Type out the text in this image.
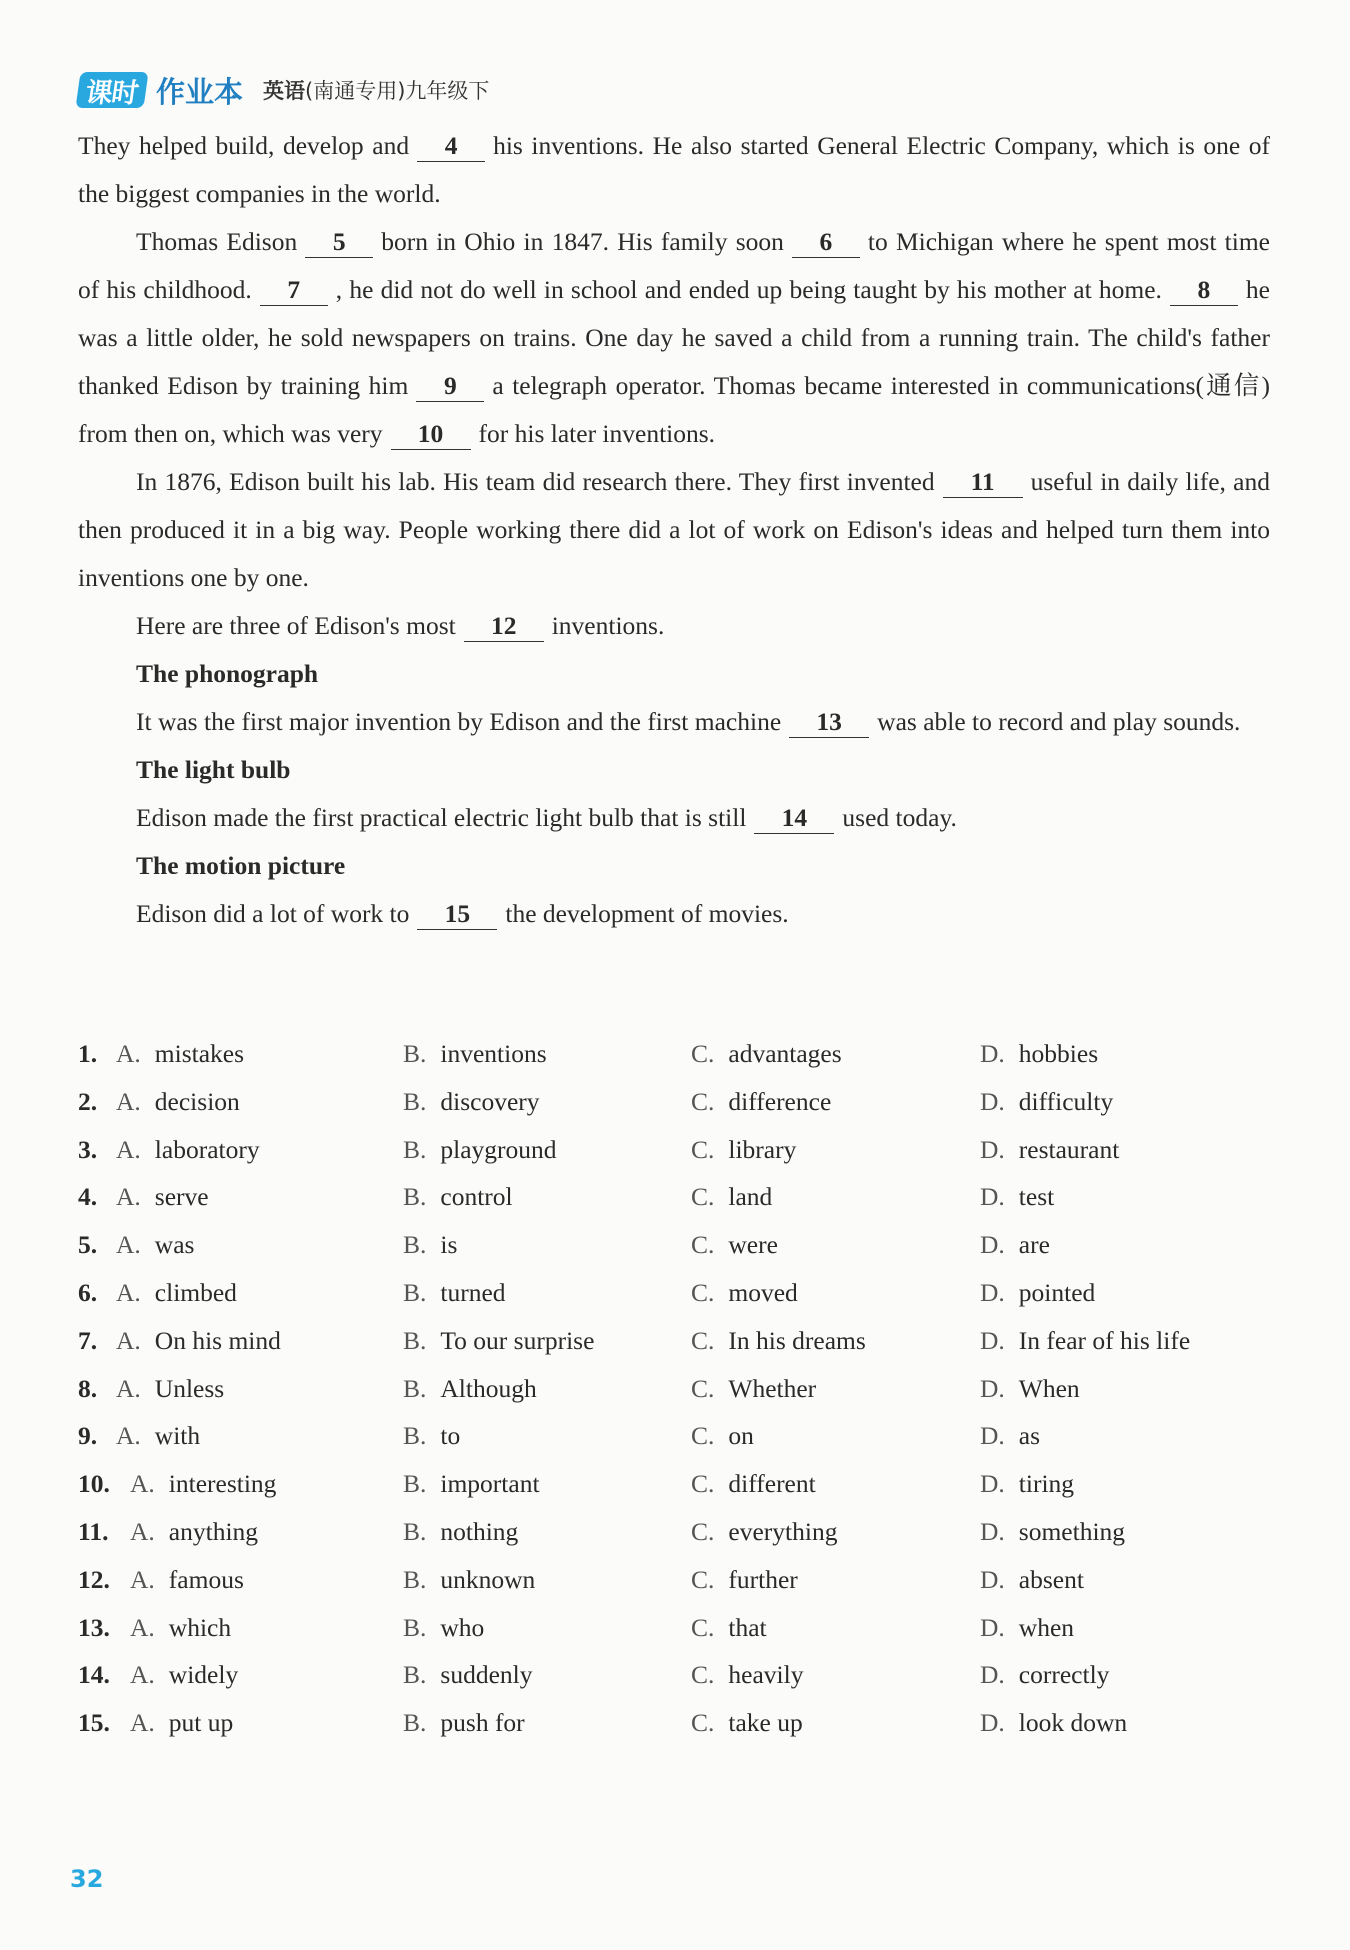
课时 作业本 英语(南通专用)九年级下

They helped build, develop and 4 his inventions. He also started General Electric Company, which is one of the biggest companies in the world.

Thomas Edison 5 born in Ohio in 1847. His family soon 6 to Michigan where he spent most time of his childhood. 7 , he did not do well in school and ended up being taught by his mother at home. 8 he was a little older, he sold newspapers on trains. One day he saved a child from a running train. The child's father thanked Edison by training him 9 a telegraph operator. Thomas became interested in communications(通信) from then on, which was very 10 for his later inventions.

In 1876, Edison built his lab. His team did research there. They first invented 11 useful in daily life, and then produced it in a big way. People working there did a lot of work on Edison's ideas and helped turn them into inventions one by one.

Here are three of Edison's most 12 inventions.

The phonograph

It was the first major invention by Edison and the first machine 13 was able to record and play sounds.

The light bulb

Edison made the first practical electric light bulb that is still 14 used today.

The motion picture

Edison did a lot of work to 15 the development of movies.

1. A. mistakes	B. inventions	C. advantages	D. hobbies
2. A. decision	B. discovery	C. difference	D. difficulty
3. A. laboratory	B. playground	C. library	D. restaurant
4. A. serve	B. control	C. land	D. test
5. A. was	B. is	C. were	D. are
6. A. climbed	B. turned	C. moved	D. pointed
7. A. On his mind	B. To our surprise	C. In his dreams	D. In fear of his life
8. A. Unless	B. Although	C. Whether	D. When
9. A. with	B. to	C. on	D. as
10. A. interesting	B. important	C. different	D. tiring
11. A. anything	B. nothing	C. everything	D. something
12. A. famous	B. unknown	C. further	D. absent
13. A. which	B. who	C. that	D. when
14. A. widely	B. suddenly	C. heavily	D. correctly
15. A. put up	B. push for	C. take up	D. look down
32
